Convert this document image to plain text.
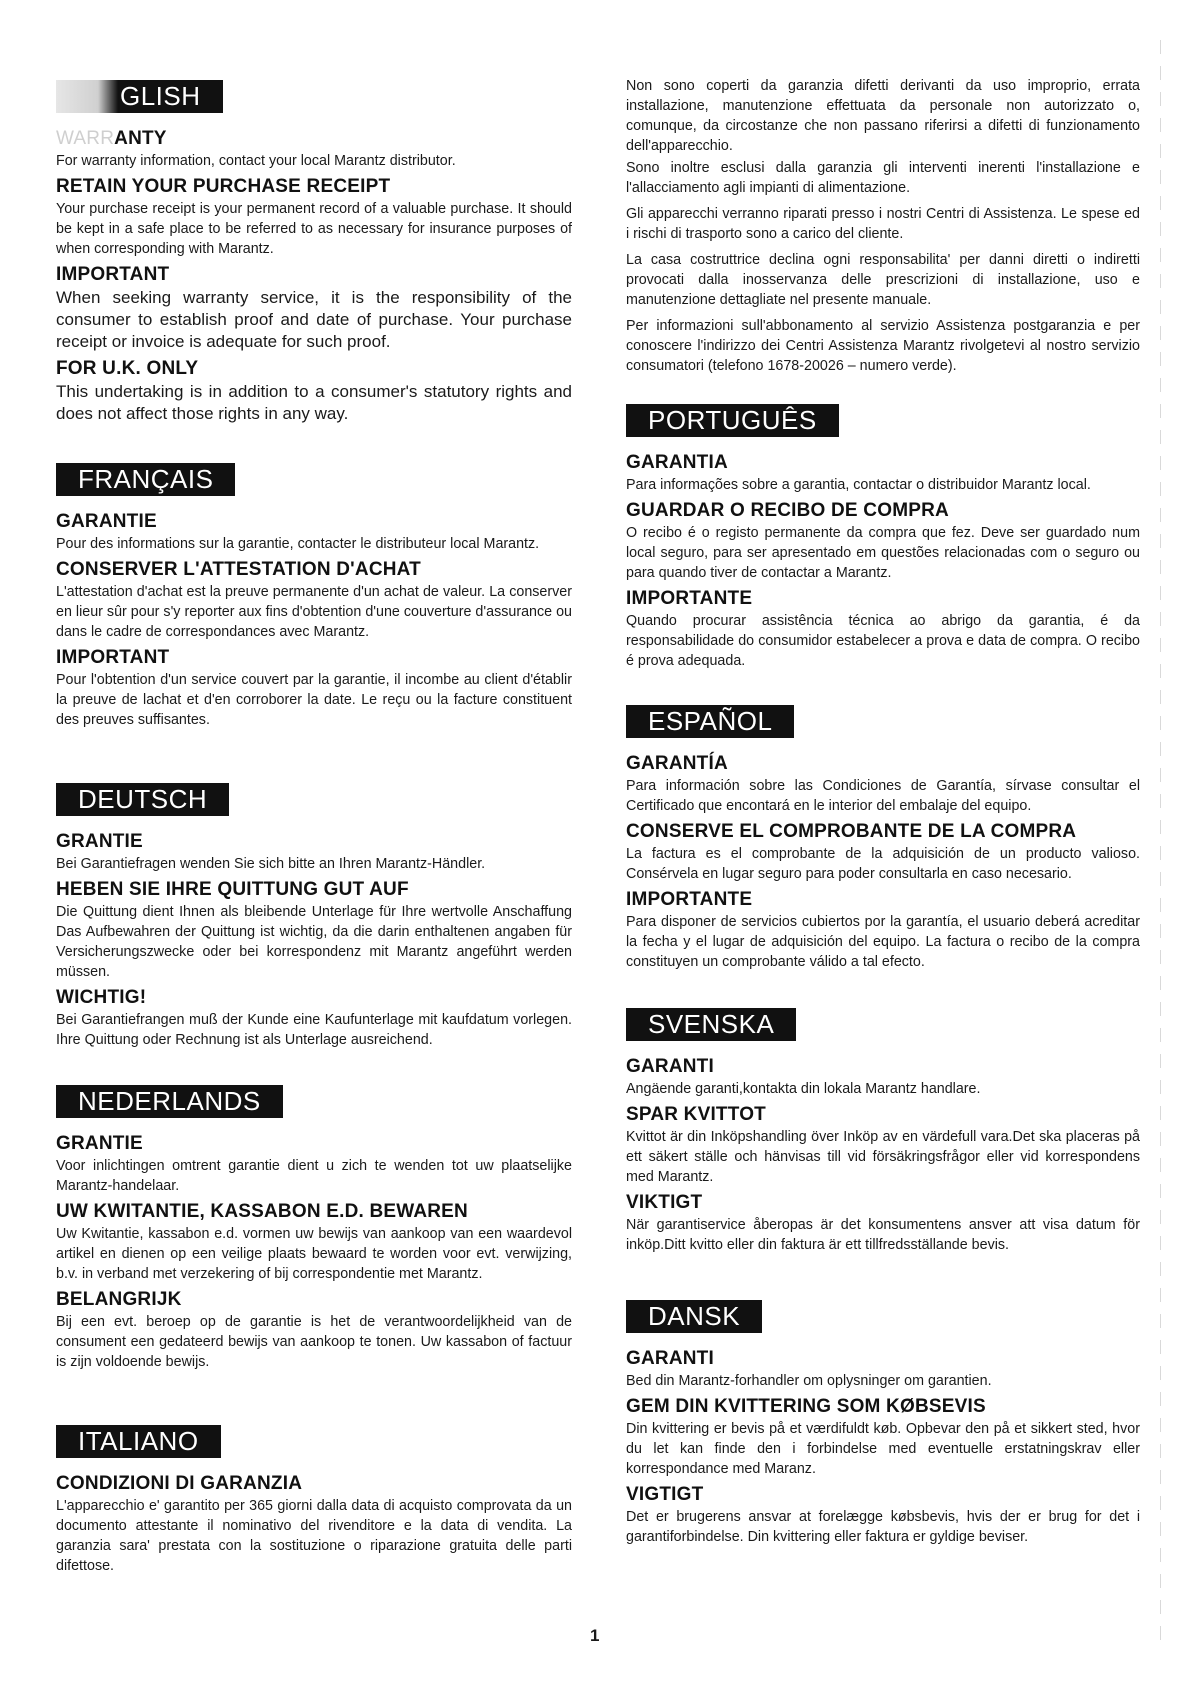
GLISH
WARRANTY
For warranty information, contact your local Marantz distributor.
RETAIN YOUR PURCHASE RECEIPT
Your purchase receipt is your permanent record of a valuable purchase. It should be kept in a safe place to be referred to as necessary for insurance purposes of when corresponding with Marantz.
IMPORTANT
When seeking warranty service, it is the responsibility of the consumer to establish proof and date of purchase. Your purchase receipt or invoice is adequate for such proof.
FOR U.K. ONLY
This undertaking is in addition to a consumer's statutory rights and does not affect those rights in any way.
FRANÇAIS
GARANTIE
Pour des informations sur la garantie, contacter le distributeur local Marantz.
CONSERVER L'ATTESTATION D'ACHAT
L'attestation d'achat est la preuve permanente d'un achat de valeur. La conserver en lieur sûr pour s'y reporter aux fins d'obtention d'une couverture d'assurance ou dans le cadre de correspondances avec Marantz.
IMPORTANT
Pour l'obtention d'un service couvert par la garantie, il incombe au client d'établir la preuve de lachat et d'en corroborer la date. Le reçu ou la facture constituent des preuves suffisantes.
DEUTSCH
GRANTIE
Bei Garantiefragen wenden Sie sich bitte an Ihren Marantz-Händler.
HEBEN SIE IHRE QUITTUNG GUT AUF
Die Quittung dient Ihnen als bleibende Unterlage für Ihre wertvolle Anschaffung Das Aufbewahren der Quittung ist wichtig, da die darin enthaltenen angaben für Versicherungszwecke oder bei korrespondenz mit Marantz angeführt werden müssen.
WICHTIG!
Bei Garantiefrangen muß der Kunde eine Kaufunterlage mit kaufdatum vorlegen. Ihre Quittung oder Rechnung ist als Unterlage ausreichend.
NEDERLANDS
GRANTIE
Voor inlichtingen omtrent garantie dient u zich te wenden tot uw plaatselijke Marantz-handelaar.
UW KWITANTIE, KASSABON E.D. BEWAREN
Uw Kwitantie, kassabon e.d. vormen uw bewijs van aankoop van een waardevol artikel en dienen op een veilige plaats bewaard te worden voor evt. verwijzing, b.v. in verband met verzekering of bij correspondentie met Marantz.
BELANGRIJK
Bij een evt. beroep op de garantie is het de verantwoordelijkheid van de consument een gedateerd bewijs van aankoop te tonen. Uw kassabon of factuur is zijn voldoende bewijs.
ITALIANO
CONDIZIONI DI GARANZIA
L'apparecchio e' garantito per 365 giorni dalla data di acquisto comprovata da un documento attestante il nominativo del rivenditore e la data di vendita. La garanzia sara' prestata con la sostituzione o riparazione gratuita delle parti difettose.
Non sono coperti da garanzia difetti derivanti da uso improprio, errata installazione, manutenzione effettuata da personale non autorizzato o, comunque, da circostanze che non passano riferirsi a difetti di funzionamento dell'apparecchio.
Sono inoltre esclusi dalla garanzia gli interventi inerenti l'installazione e l'allacciamento agli impianti di alimentazione.
Gli apparecchi verranno riparati presso i nostri Centri di Assistenza. Le spese ed i rischi di trasporto sono a carico del cliente.
La casa costruttrice declina ogni responsabilita' per danni diretti o indiretti provocati dalla inosservanza delle prescrizioni di installazione, uso e manutenzione dettagliate nel presente manuale.
Per informazioni sull'abbonamento al servizio Assistenza postgaranzia e per conoscere l'indirizzo dei Centri Assistenza Marantz rivolgetevi al nostro servizio consumatori (telefono 1678-20026 – numero verde).
PORTUGUÊS
GARANTIA
Para informações sobre a garantia, contactar o distribuidor Marantz local.
GUARDAR O RECIBO DE COMPRA
O recibo é o registo permanente da compra que fez. Deve ser guardado num local seguro, para ser apresentado em questões relacionadas com o seguro ou para quando tiver de contactar a Marantz.
IMPORTANTE
Quando procurar assistência técnica ao abrigo da garantia, é da responsabilidade do consumidor estabelecer a prova e data de compra. O recibo é prova adequada.
ESPAÑOL
GARANTÍA
Para información sobre las Condiciones de Garantía, sírvase consultar el Certificado que encontará en le interior del embalaje del equipo.
CONSERVE EL COMPROBANTE DE LA COMPRA
La factura es el comprobante de la adquisición de un producto valioso. Consérvela en lugar seguro para poder consultarla en caso necesario.
IMPORTANTE
Para disponer de servicios cubiertos por la garantía, el usuario deberá acreditar la fecha y el lugar de adquisición del equipo. La factura o recibo de la compra constituyen un comprobante válido a tal efecto.
SVENSKA
GARANTI
Angäende garanti,kontakta din lokala Marantz handlare.
SPAR KVITTOT
Kvittot är din Inköpshandling över Inköp av en värdefull vara.Det ska placeras på ett säkert ställe och hänvisas till vid försäkringsfrågor eller vid korrespondens med Marantz.
VIKTIGT
När garantiservice åberopas är det konsumentens ansver att visa datum för inköp.Ditt kvitto eller din faktura är ett tillfredsställande bevis.
DANSK
GARANTI
Bed din Marantz-forhandler om oplysninger om garantien.
GEM DIN KVITTERING SOM KØBSEVIS
Din kvittering er bevis på et værdifuldt køb. Opbevar den på et sikkert sted, hvor du let kan finde den i forbindelse med eventuelle erstatningskrav eller korrespondance med Maranz.
VIGTIGT
Det er brugerens ansvar at forelægge købsbevis, hvis der er brug for det i garantiforbindelse. Din kvittering eller faktura er gyldige beviser.
1
